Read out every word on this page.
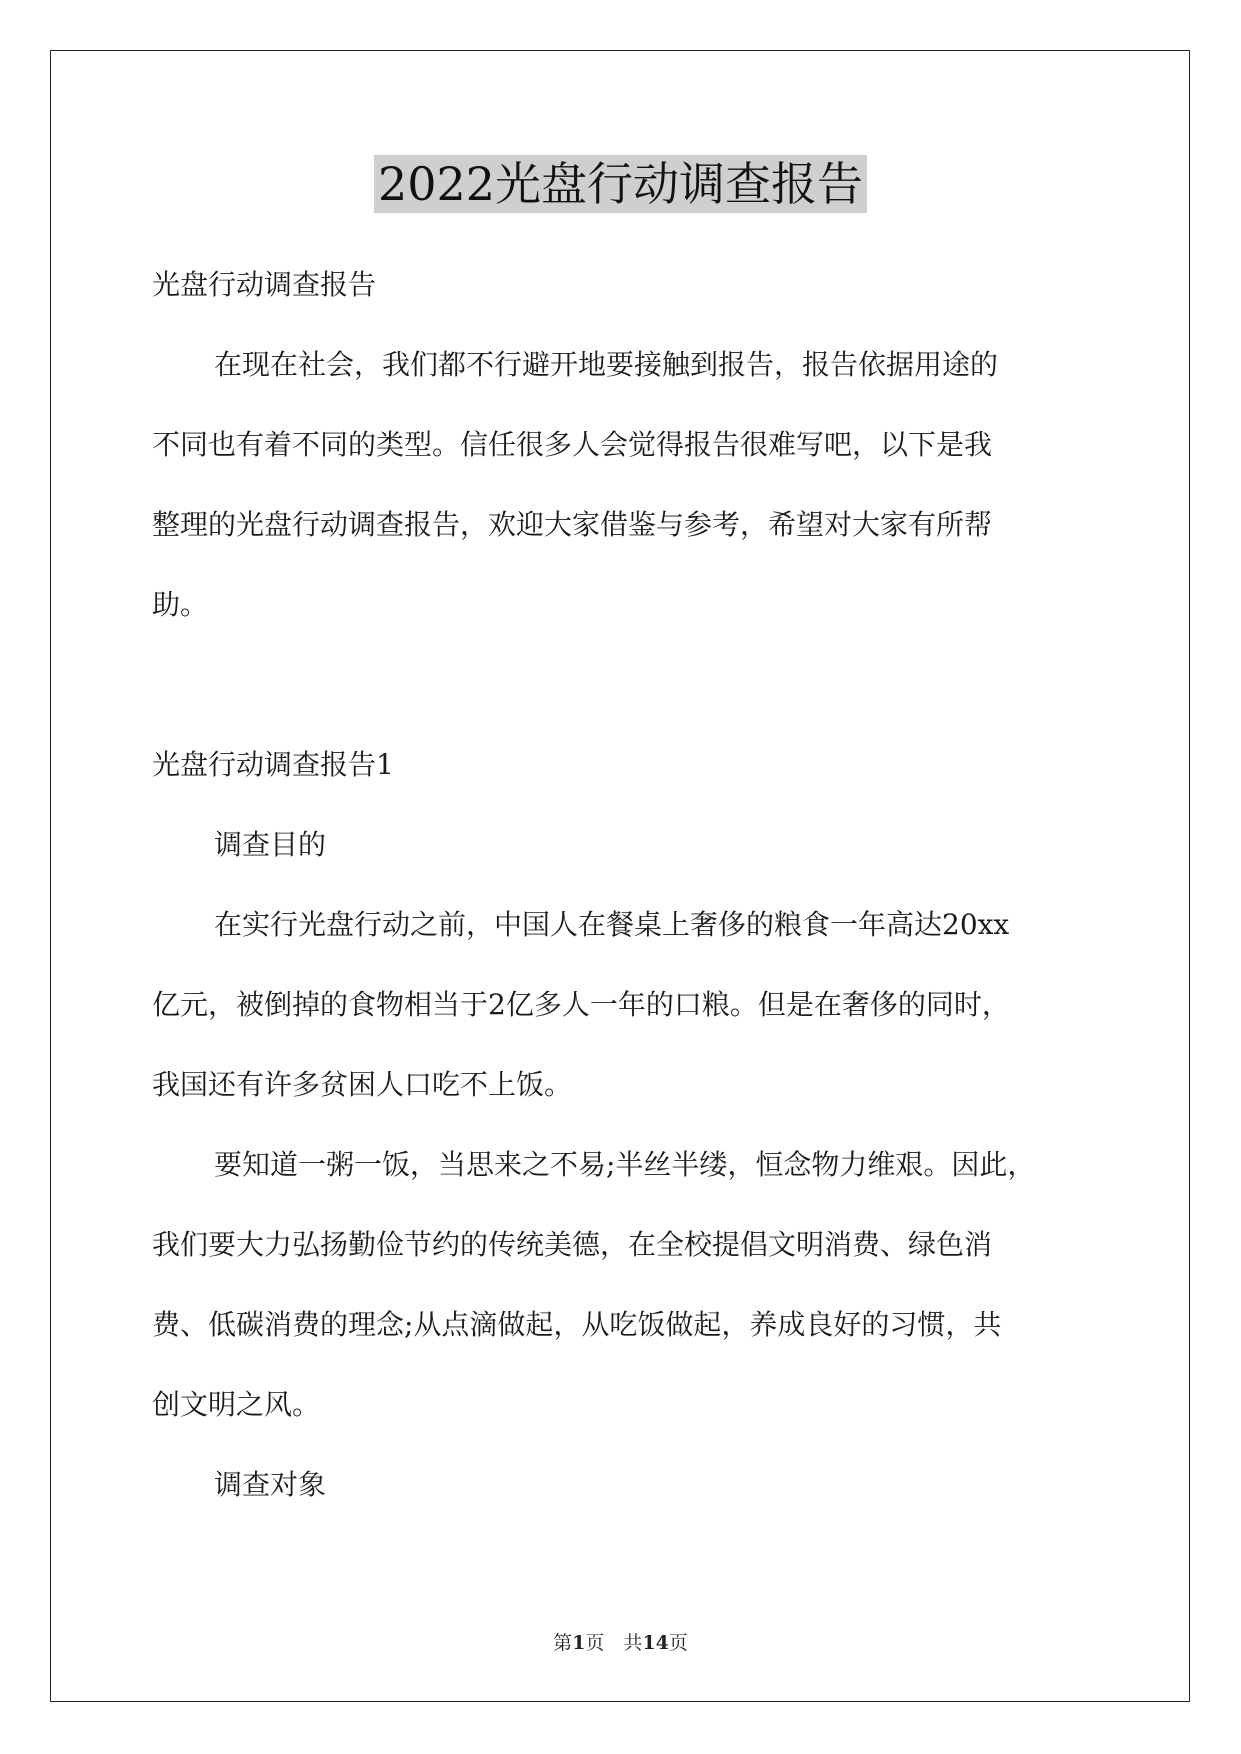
2022光盘行动调查报告
光盘行动调查报告
在现在社会，我们都不行避开地要接触到报告，报告依据用途的
不同也有着不同的类型。信任很多人会觉得报告很难写吧，以下是我
整理的光盘行动调查报告，欢迎大家借鉴与参考，希望对大家有所帮
助。
光盘行动调查报告1
调查目的
在实行光盘行动之前，中国人在餐桌上奢侈的粮食一年高达20xx
亿元，被倒掉的食物相当于2亿多人一年的口粮。但是在奢侈的同时，
我国还有许多贫困人口吃不上饭。
要知道一粥一饭，当思来之不易;半丝半缕，恒念物力维艰。因此，
我们要大力弘扬勤俭节约的传统美德，在全校提倡文明消费、绿色消
费、低碳消费的理念;从点滴做起，从吃饭做起，养成良好的习惯，共
创文明之风。
调查对象
第1页　共14页
